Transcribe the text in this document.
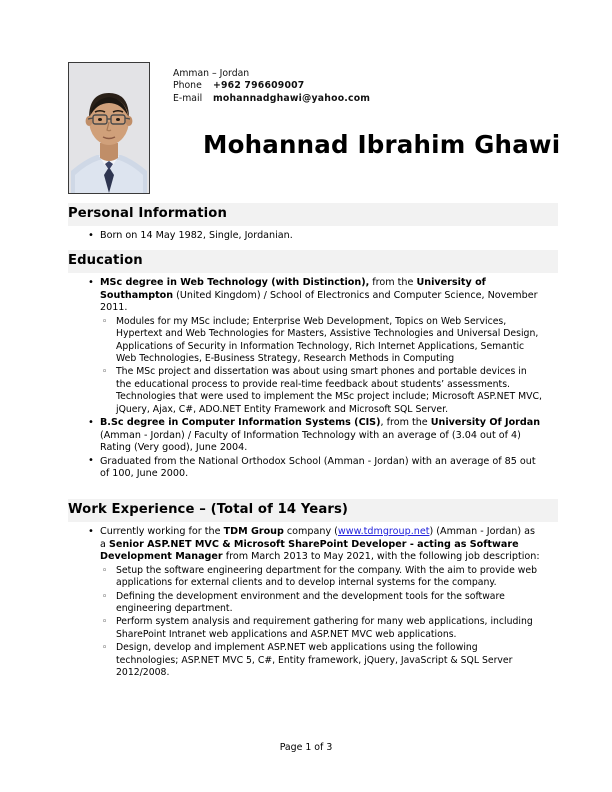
Amman – Jordan
Phone +962 796609007
E-mail mohannadghawi@yahoo.com
Mohannad Ibrahim Ghawi
Personal Information
• Born on 14 May 1982, Single, Jordanian.
Education
• MSc degree in Web Technology (with Distinction), from the University of Southampton (United Kingdom) / School of Electronics and Computer Science, November 2011.
◦ Modules for my MSc include; Enterprise Web Development, Topics on Web Services, Hypertext and Web Technologies for Masters, Assistive Technologies and Universal Design, Applications of Security in Information Technology, Rich Internet Applications, Semantic Web Technologies, E-Business Strategy, Research Methods in Computing
◦ The MSc project and dissertation was about using smart phones and portable devices in the educational process to provide real-time feedback about students’ assessments. Technologies that were used to implement the MSc project include; Microsoft ASP.NET MVC, jQuery, Ajax, C#, ADO.NET Entity Framework and Microsoft SQL Server.
• B.Sc degree in Computer Information Systems (CIS), from the University Of Jordan (Amman - Jordan) / Faculty of Information Technology with an average of (3.04 out of 4) Rating (Very good), June 2004.
• Graduated from the National Orthodox School (Amman - Jordan) with an average of 85 out of 100, June 2000.
Work Experience – (Total of 14 Years)
• Currently working for the TDM Group company (www.tdmgroup.net) (Amman - Jordan) as a Senior ASP.NET MVC & Microsoft SharePoint Developer - acting as Software Development Manager from March 2013 to May 2021, with the following job description:
◦ Setup the software engineering department for the company. With the aim to provide web applications for external clients and to develop internal systems for the company.
◦ Defining the development environment and the development tools for the software engineering department.
◦ Perform system analysis and requirement gathering for many web applications, including SharePoint Intranet web applications and ASP.NET MVC web applications.
◦ Design, develop and implement ASP.NET web applications using the following technologies; ASP.NET MVC 5, C#, Entity framework, jQuery, JavaScript & SQL Server 2012/2008.
Page 1 of 3
